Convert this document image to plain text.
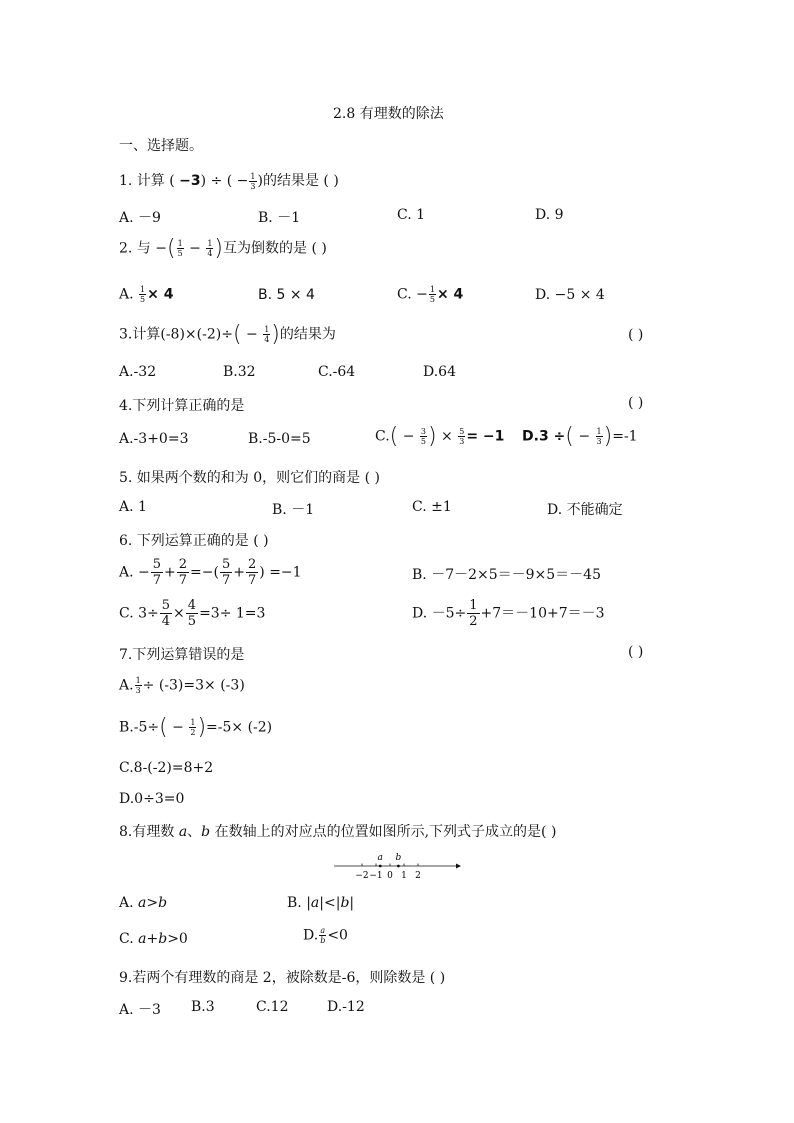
2.8 有理数的除法
一、选择题。
1. 计算 ( −3) ÷ ( − $\frac{1}{3}$ )的结果是 ( )
A. －9	B. －1	C. 1	D. 9
2. 与 −( $\frac{1}{5} - \frac{1}{4}$ )互为倒数的是 ( )
A. $\frac{1}{5} \times 4$	B. 5 × 4	C. − $\frac{1}{5} \times 4$	D. −5 × 4
3.计算$(-8)\times(-2)\div( - \frac{1}{4}$ )的结果为	( )
A.-32	B.32	C.-64	D.64
4.下列计算正确的是	( )
A.-3+0=3	B.-5-0=5	$C.( - \frac{3}{5}$ ) × $\frac{5}{3} = -1$ D.3 ÷( − $\frac{1}{3} )=-1$
5. 如果两个数的和为 0，则它们的商是 ( )
A. 1	B. －1	C. ±1	D. 不能确定
6. 下列运算正确的是 ( )
A. − $\frac{5}{7} + \frac{2}{7}$ =−( $\frac{5}{7} + \frac{2}{7}$ ) =−1	B. －7－2×5＝－9×5＝－45
C. $3\div \frac{5}{4} \times \frac{4}{5} =3\div 1=3$	D. $-5\div \frac{1}{2} +7=-10+7=-3$
7.下列运算错误的是	( )
A. $\frac{1}{3} \div (-3)=3\times (-3)$
$B.-5\div( - \frac{1}{2} )=-5\times (-2)$
C.8-(-2)=8+2
D.0÷3=0
8.有理数 a、b 在数轴上的对应点的位置如图所示,下列式子成立的是( )
−2 −1 0 1 2
a b
A. a>b	B. |a|<|b|
C. a+b>0	D. $\frac{a}{b} <0$
9.若两个有理数的商是 2，被除数是-6，则除数是 ( )
A. －3 B.3	C.12	D.-12
